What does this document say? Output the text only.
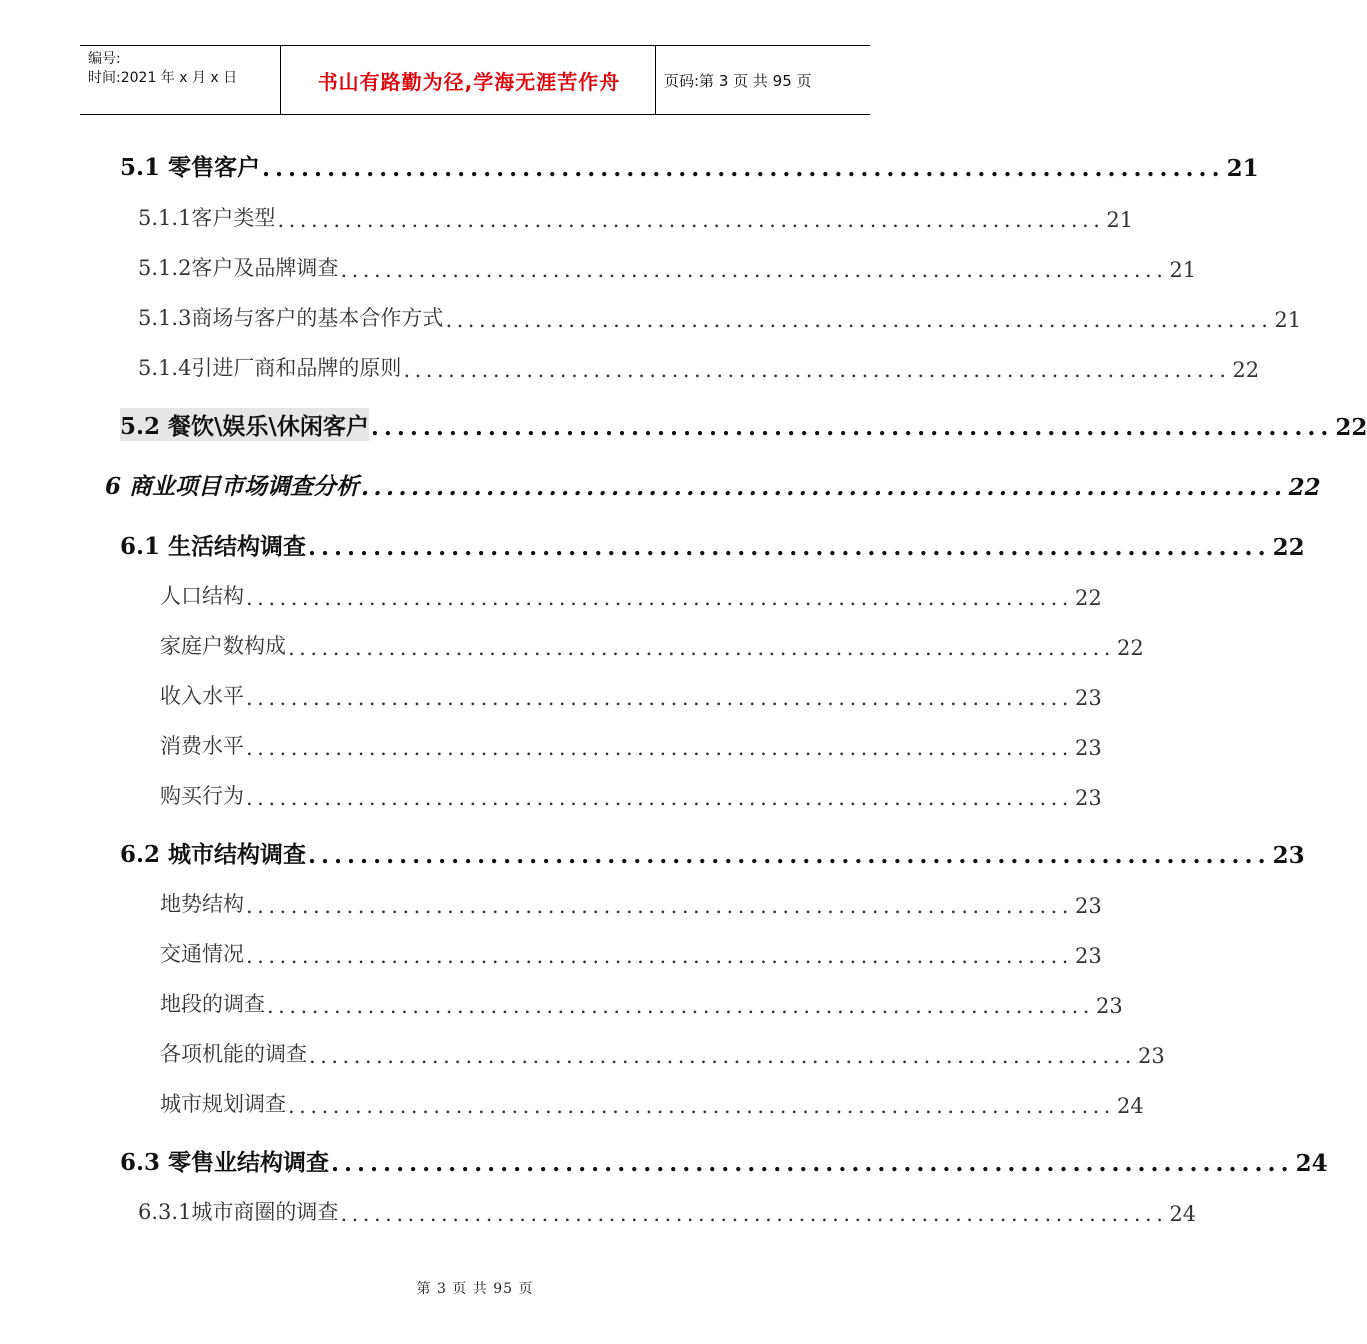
编号:
时间:2021 年 x 月 x 日	书山有路勤为径,学海无涯苦作舟	页码:第 3 页 共 95 页
5.1 零售客户 .......................................................................... 21
5.1.1客户类型 .......................................................................... 21
5.1.2客户及品牌调查 .......................................................................... 21
5.1.3商场与客户的基本合作方式 .......................................................................... 21
5.1.4引进厂商和品牌的原则 .......................................................................... 22
5.2 餐饮\娱乐\休闲客户 .......................................................................... 22
6 商业项目市场调查分析 .......................................................................... 22
6.1 生活结构调查 .......................................................................... 22
人口结构 .......................................................................... 22
家庭户数构成 .......................................................................... 22
收入水平 .......................................................................... 23
消费水平 .......................................................................... 23
购买行为 .......................................................................... 23
6.2 城市结构调查 .......................................................................... 23
地势结构 .......................................................................... 23
交通情况 .......................................................................... 23
地段的调查 .......................................................................... 23
各项机能的调查 .......................................................................... 23
城市规划调查 .......................................................................... 24
6.3 零售业结构调查 .......................................................................... 24
6.3.1城市商圈的调查 .......................................................................... 24
第 3 页 共 95 页
